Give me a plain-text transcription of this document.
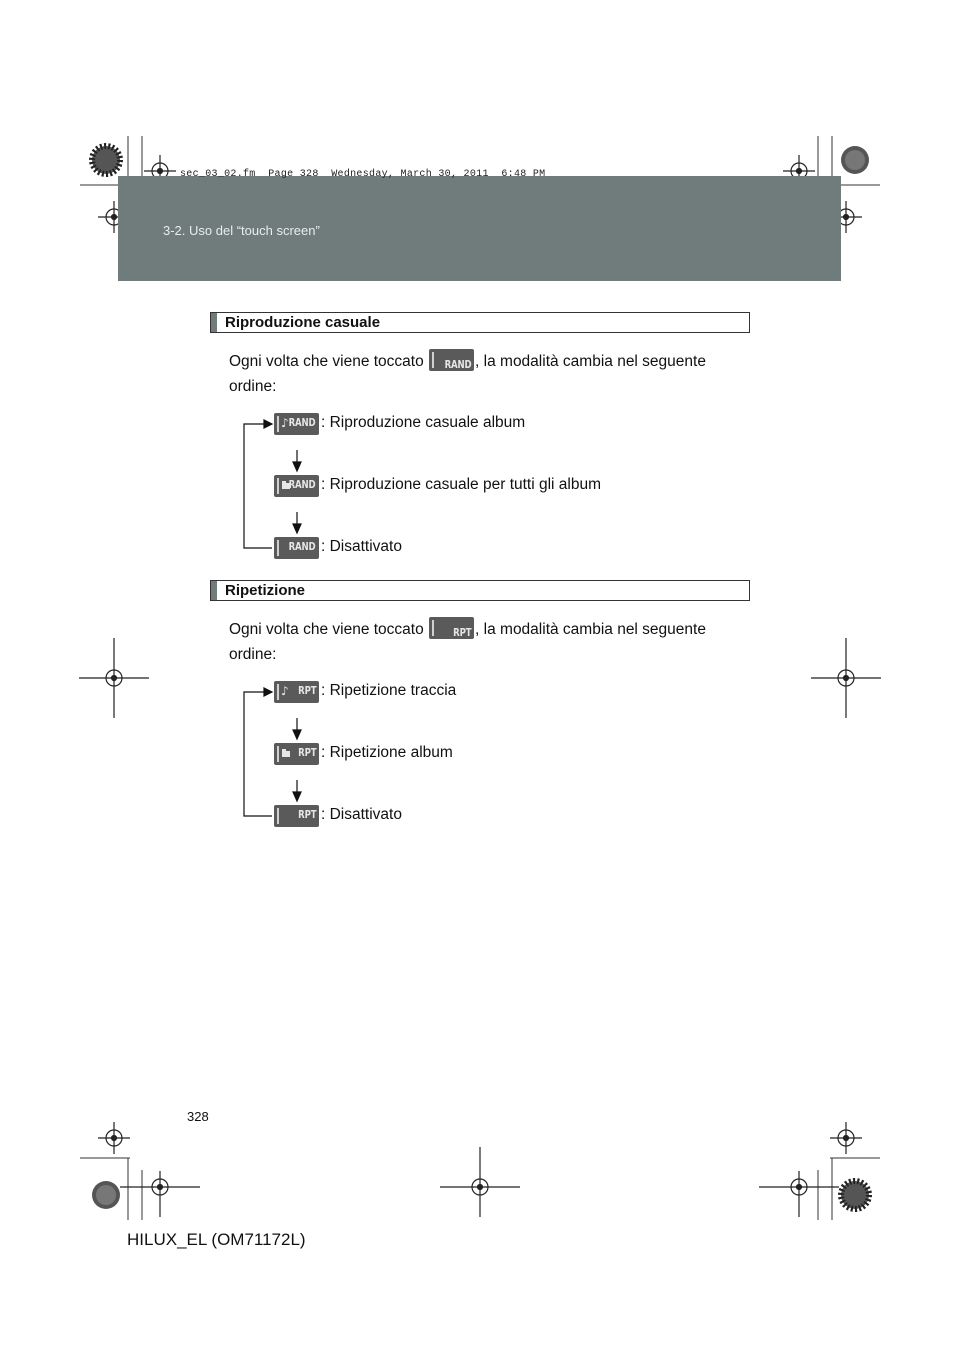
3-2. Uso del “touch screen”
sec_03_02.fm  Page 328  Wednesday, March 30, 2011  6:48 PM
Riproduzione casuale
Ogni volta che viene toccato RAND , la modalità cambia nel seguente ordine:
♪ RAND : Riproduzione casuale album
RAND : Riproduzione casuale per tutti gli album
RAND : Disattivato
Ripetizione
Ogni volta che viene toccato	RPT , la modalità cambia nel seguente ordine:
♪ RPT : Ripetizione traccia
RPT : Ripetizione album
RPT : Disattivato
328
HILUX_EL (OM71172L)
